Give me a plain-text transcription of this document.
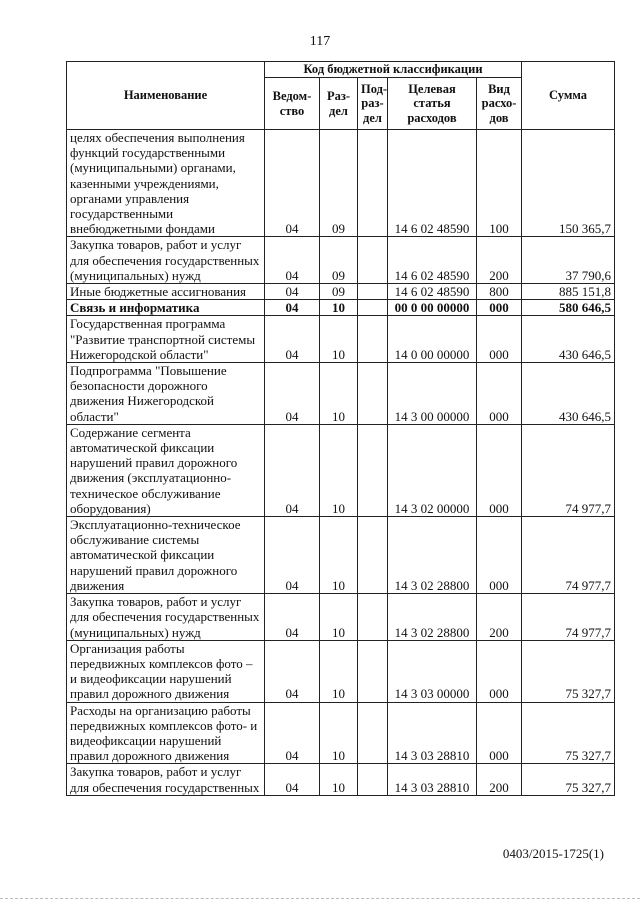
117
Наименование	Код бюджетной классификации					Сумма
	Ведом-ство	Раз-дел	Под-раз-дел	Целевая статья расходов	Вид расхо-дов	
целях обеспечения выполнения функций государственными (муниципальными) органами, казенными учреждениями, органами управления государственными внебюджетными фондами	04	09		14 6 02 48590	100	150 365,7
Закупка товаров, работ и услуг для обеспечения государственных (муниципальных) нужд	04	09		14 6 02 48590	200	37 790,6
Иные бюджетные ассигнования	04	09		14 6 02 48590	800	885 151,8
Связь и информатика	04	10		00 0 00 00000	000	580 646,5
Государственная программа "Развитие транспортной системы Нижегородской области"	04	10		14 0 00 00000	000	430 646,5
Подпрограмма "Повышение безопасности дорожного движения Нижегородской области"	04	10		14 3 00 00000	000	430 646,5
Содержание сегмента автоматической фиксации нарушений правил дорожного движения (эксплуатационно-техническое обслуживание оборудования)	04	10		14 3 02 00000	000	74 977,7
Эксплуатационно-техническое обслуживание системы автоматической фиксации нарушений правил дорожного движения	04	10		14 3 02 28800	000	74 977,7
Закупка товаров, работ и услуг для обеспечения государственных (муниципальных) нужд	04	10		14 3 02 28800	200	74 977,7
Организация работы передвижных комплексов фото – и видеофиксации нарушений правил дорожного движения	04	10		14 3 03 00000	000	75 327,7
Расходы на организацию работы передвижных комплексов фото- и видеофиксации нарушений правил дорожного движения	04	10		14 3 03 28810	000	75 327,7
Закупка товаров, работ и услуг для обеспечения государственных	04	10		14 3 03 28810	200	75 327,7
0403/2015-1725(1)
